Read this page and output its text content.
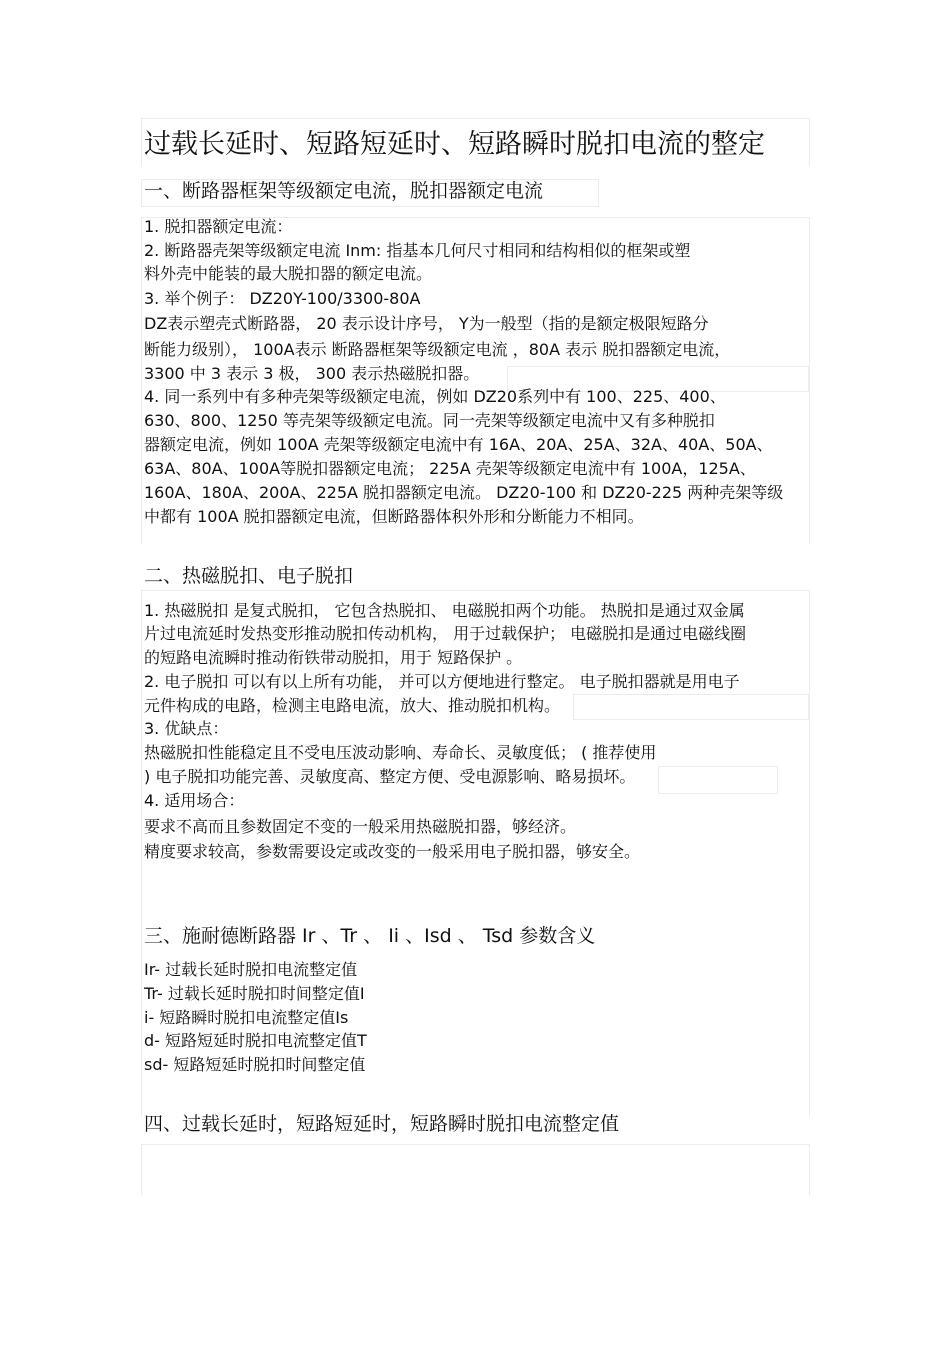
过载长延时、短路短延时、短路瞬时脱扣电流的整定
一、断路器框架等级额定电流，脱扣器额定电流
1. 脱扣器额定电流：
2. 断路器壳架等级额定电流 Inm: 指基本几何尺寸相同和结构相似的框架或塑
料外壳中能装的最大脱扣器的额定电流。
3. 举个例子： DZ20Y-100/3300-80A
DZ表示塑壳式断路器， 20 表示设计序号， Y为一般型（指的是额定极限短路分
断能力级别）， 100A表示 断路器框架等级额定电流 ，80A 表示 脱扣器额定电流，
3300 中 3 表示 3 极， 300 表示热磁脱扣器。
4. 同一系列中有多种壳架等级额定电流，例如 DZ20系列中有 100、225、400、
630、800、1250 等壳架等级额定电流。同一壳架等级额定电流中又有多种脱扣
器额定电流，例如 100A 壳架等级额定电流中有 16A、20A、25A、32A、40A、50A、
63A、80A、100A等脱扣器额定电流； 225A 壳架等级额定电流中有 100A，125A、
160A、180A、200A、225A 脱扣器额定电流。 DZ20-100 和 DZ20-225 两种壳架等级
中都有 100A 脱扣器额定电流，但断路器体积外形和分断能力不相同。
二、热磁脱扣、电子脱扣
1. 热磁脱扣 是复式脱扣， 它包含热脱扣、 电磁脱扣两个功能。 热脱扣是通过双金属
片过电流延时发热变形推动脱扣传动机构， 用于过载保护； 电磁脱扣是通过电磁线圈
的短路电流瞬时推动衔铁带动脱扣，用于 短路保护 。
2. 电子脱扣 可以有以上所有功能， 并可以方便地进行整定。 电子脱扣器就是用电子
元件构成的电路，检测主电路电流，放大、推动脱扣机构。
3. 优缺点：
热磁脱扣性能稳定且不受电压波动影响、寿命长、灵敏度低； ( 推荐使用
) 电子脱扣功能完善、灵敏度高、整定方便、受电源影响、略易损坏。
4. 适用场合：
要求不高而且参数固定不变的一般采用热磁脱扣器，够经济。
精度要求较高，参数需要设定或改变的一般采用电子脱扣器，够安全。
三、施耐德断路器 Ir 、Tr 、 Ii 、Isd 、 Tsd 参数含义
Ir- 过载长延时脱扣电流整定值
Tr- 过载长延时脱扣时间整定值I
i- 短路瞬时脱扣电流整定值Is
d- 短路短延时脱扣电流整定值T
sd- 短路短延时脱扣时间整定值
四、过载长延时，短路短延时，短路瞬时脱扣电流整定值
